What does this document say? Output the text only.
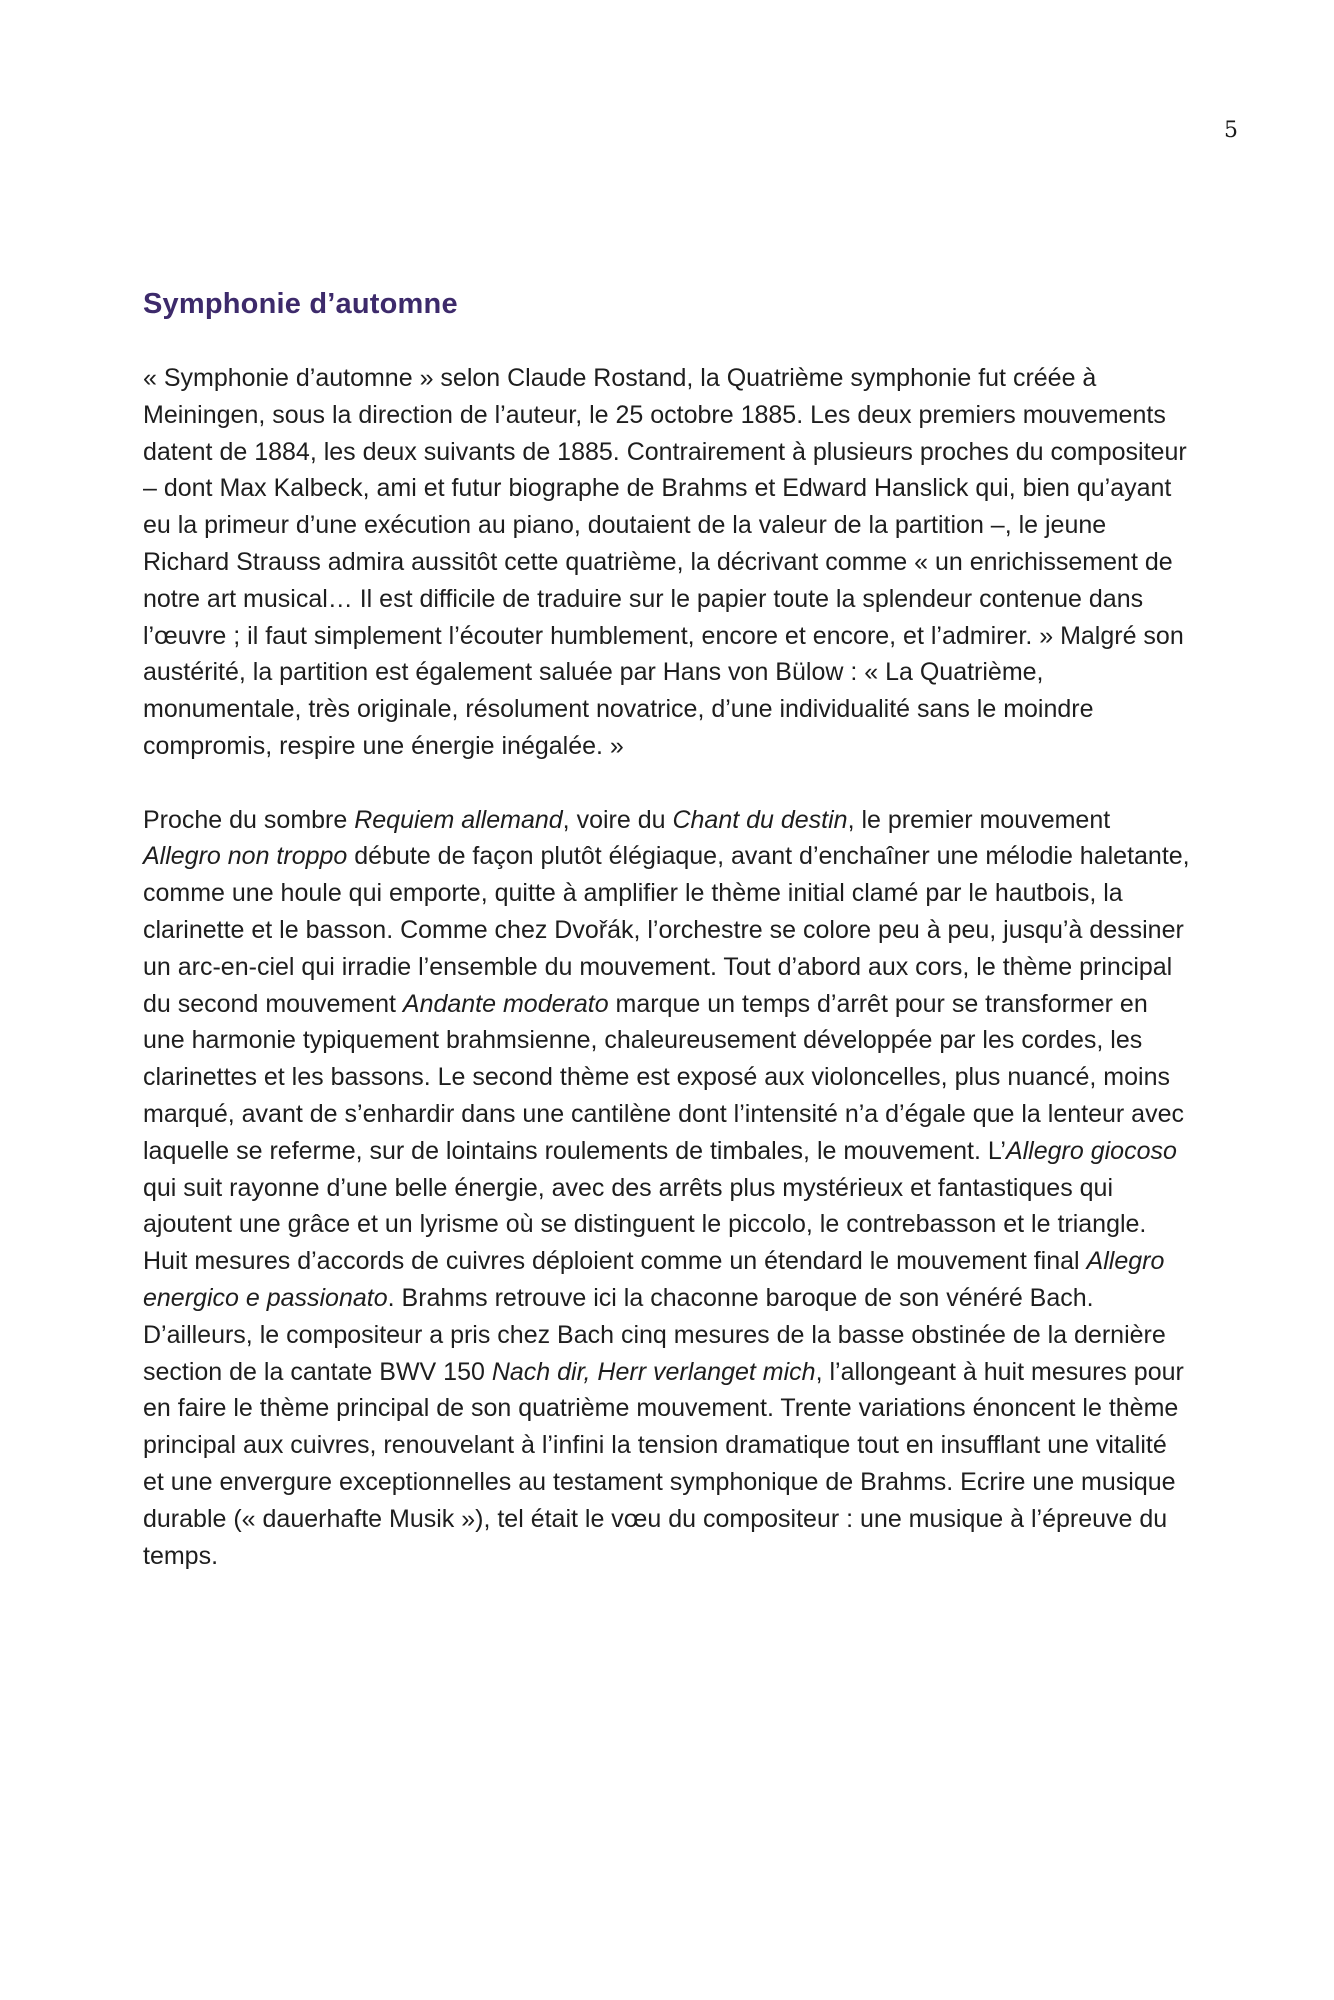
5
Symphonie d’automne

« Symphonie d’automne » selon Claude Rostand, la Quatrième symphonie fut créée à Meiningen, sous la direction de l’auteur, le 25 octobre 1885. Les deux premiers mouvements datent de 1884, les deux suivants de 1885. Contrairement à plusieurs proches du compositeur – dont Max Kalbeck, ami et futur biographe de Brahms et Edward Hanslick qui, bien qu’ayant eu la primeur d’une exécution au piano, doutaient de la valeur de la partition –, le jeune Richard Strauss admira aussitôt cette quatrième, la décrivant comme « un enrichissement de notre art musical… Il est difficile de traduire sur le papier toute la splendeur contenue dans l’œuvre ; il faut simplement l’écouter humblement, encore et encore, et l’admirer. » Malgré son austérité, la partition est également saluée par Hans von Bülow : « La Quatrième, monumentale, très originale, résolument novatrice, d’une individualité sans le moindre compromis, respire une énergie inégalée. »

Proche du sombre Requiem allemand, voire du Chant du destin, le premier mouvement Allegro non troppo débute de façon plutôt élégiaque, avant d’enchaîner une mélodie haletante, comme une houle qui emporte, quitte à amplifier le thème initial clamé par le hautbois, la clarinette et le basson. Comme chez Dvořák, l’orchestre se colore peu à peu, jusqu’à dessiner un arc-en-ciel qui irradie l’ensemble du mouvement. Tout d’abord aux cors, le thème principal du second mouvement Andante moderato marque un temps d’arrêt pour se transformer en une harmonie typiquement brahmsienne, chaleureusement développée par les cordes, les clarinettes et les bassons. Le second thème est exposé aux violoncelles, plus nuancé, moins marqué, avant de s’enhardir dans une cantilène dont l’intensité n’a d’égale que la lenteur avec laquelle se referme, sur de lointains roulements de timbales, le mouvement. L’Allegro giocoso qui suit rayonne d’une belle énergie, avec des arrêts plus mystérieux et fantastiques qui ajoutent une grâce et un lyrisme où se distinguent le piccolo, le contrebasson et le triangle. Huit mesures d’accords de cuivres déploient comme un étendard le mouvement final Allegro energico e passionato. Brahms retrouve ici la chaconne baroque de son vénéré Bach. D’ailleurs, le compositeur a pris chez Bach cinq mesures de la basse obstinée de la dernière section de la cantate BWV 150 Nach dir, Herr verlanget mich, l’allongeant à huit mesures pour en faire le thème principal de son quatrième mouvement. Trente variations énoncent le thème principal aux cuivres, renouvelant à l’infini la tension dramatique tout en insufflant une vitalité et une envergure exceptionnelles au testament symphonique de Brahms. Ecrire une musique durable (« dauerhafte Musik »), tel était le vœu du compositeur : une musique à l’épreuve du temps.
